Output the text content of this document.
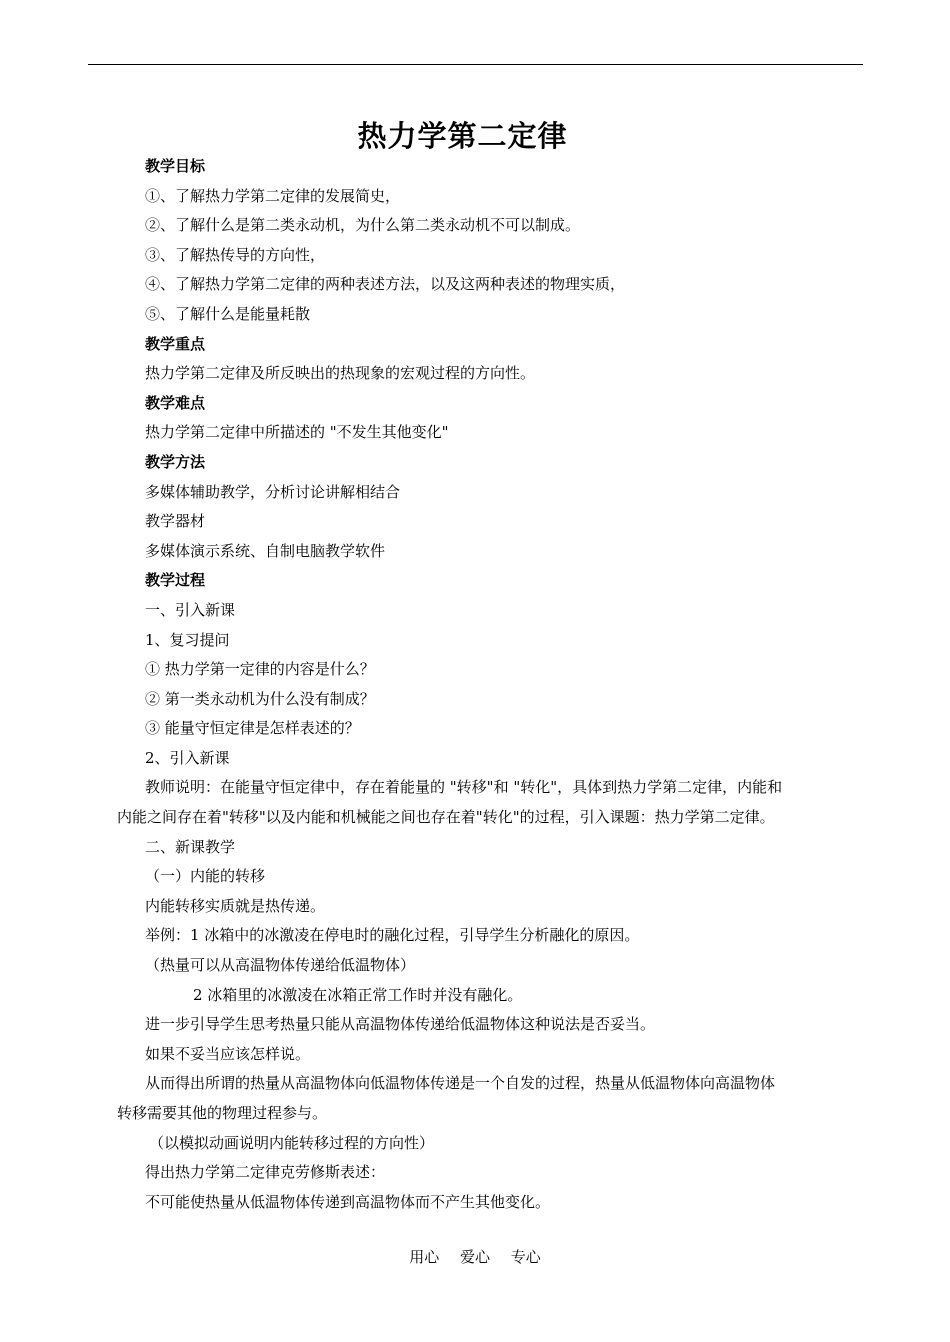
热力学第二定律
教学目标
①、了解热力学第二定律的发展简史，
②、了解什么是第二类永动机，为什么第二类永动机不可以制成。
③、了解热传导的方向性，
④、了解热力学第二定律的两种表述方法，以及这两种表述的物理实质，
⑤、了解什么是能量耗散
教学重点
热力学第二定律及所反映出的热现象的宏观过程的方向性。
教学难点
热力学第二定律中所描述的 "不发生其他变化"
教学方法
多媒体辅助教学，分析讨论讲解相结合
教学器材
多媒体演示系统、自制电脑教学软件
教学过程
一、引入新课
1、复习提问
① 热力学第一定律的内容是什么？
② 第一类永动机为什么没有制成？
③ 能量守恒定律是怎样表述的？
2、引入新课
教师说明：在能量守恒定律中，存在着能量的 "转移"和 "转化"，具体到热力学第二定律，内能和
内能之间存在着"转移"以及内能和机械能之间也存在着"转化"的过程，引入课题：热力学第二定律。
二、新课教学
（一）内能的转移
内能转移实质就是热传递。
举例：1 冰箱中的冰激凌在停电时的融化过程，引导学生分析融化的原因。
（热量可以从高温物体传递给低温物体）
2 冰箱里的冰激凌在冰箱正常工作时并没有融化。
进一步引导学生思考热量只能从高温物体传递给低温物体这种说法是否妥当。
如果不妥当应该怎样说。
从而得出所谓的热量从高温物体向低温物体传递是一个自发的过程，热量从低温物体向高温物体
转移需要其他的物理过程参与。
（以模拟动画说明内能转移过程的方向性）
得出热力学第二定律克劳修斯表述：
不可能使热量从低温物体传递到高温物体而不产生其他变化。
用心 爱心 专心
